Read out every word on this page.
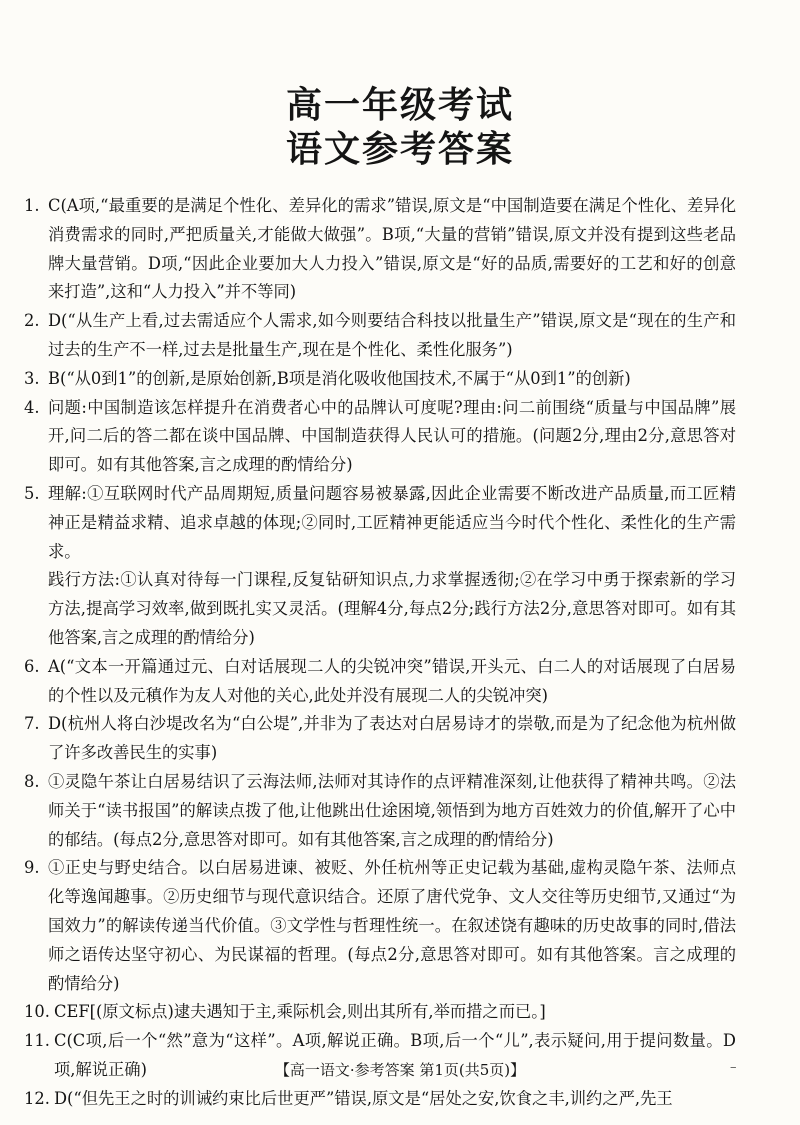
高一年级考试
语文参考答案
1. C(A项,“最重要的是满足个性化、差异化的需求”错误,原文是“中国制造要在满足个性化、差异化消费需求的同时,严把质量关,才能做大做强”。B项,“大量的营销”错误,原文并没有提到这些老品牌大量营销。D项,“因此企业要加大人力投入”错误,原文是“好的品质,需要好的工艺和好的创意来打造”,这和“人力投入”并不等同)
2. D(“从生产上看,过去需适应个人需求,如今则要结合科技以批量生产”错误,原文是“现在的生产和过去的生产不一样,过去是批量生产,现在是个性化、柔性化服务”)
3. B(“从0到1”的创新,是原始创新,B项是消化吸收他国技术,不属于“从0到1”的创新)
4. 问题:中国制造该怎样提升在消费者心中的品牌认可度呢?理由:问二前围绕“质量与中国品牌”展开,问二后的答二都在谈中国品牌、中国制造获得人民认可的措施。(问题2分,理由2分,意思答对即可。如有其他答案,言之成理的酌情给分)
5. 理解:①互联网时代产品周期短,质量问题容易被暴露,因此企业需要不断改进产品质量,而工匠精神正是精益求精、追求卓越的体现;②同时,工匠精神更能适应当今时代个性化、柔性化的生产需求。
践行方法:①认真对待每一门课程,反复钻研知识点,力求掌握透彻;②在学习中勇于探索新的学习方法,提高学习效率,做到既扎实又灵活。(理解4分,每点2分;践行方法2分,意思答对即可。如有其他答案,言之成理的酌情给分)
6. A(“文本一开篇通过元、白对话展现二人的尖锐冲突”错误,开头元、白二人的对话展现了白居易的个性以及元稹作为友人对他的关心,此处并没有展现二人的尖锐冲突)
7. D(杭州人将白沙堤改名为“白公堤”,并非为了表达对白居易诗才的崇敬,而是为了纪念他为杭州做了许多改善民生的实事)
8. ①灵隐午茶让白居易结识了云海法师,法师对其诗作的点评精准深刻,让他获得了精神共鸣。②法师关于“读书报国”的解读点拨了他,让他跳出仕途困境,领悟到为地方百姓效力的价值,解开了心中的郁结。(每点2分,意思答对即可。如有其他答案,言之成理的酌情给分)
9. ①正史与野史结合。以白居易进谏、被贬、外任杭州等正史记载为基础,虚构灵隐午茶、法师点化等逸闻趣事。②历史细节与现代意识结合。还原了唐代党争、文人交往等历史细节,又通过“为国效力”的解读传递当代价值。③文学性与哲理性统一。在叙述饶有趣味的历史故事的同时,借法师之语传达坚守初心、为民谋福的哲理。(每点2分,意思答对即可。如有其他答案。言之成理的酌情给分)
10. CEF[(原文标点)逮夫遇知于主,乘际机会,则出其所有,举而措之而已。]
11. C(C项,后一个“然”意为“这样”。A项,解说正确。B项,后一个“儿”,表示疑问,用于提问数量。D项,解说正确)
12. D(“但先王之时的训诫约束比后世更严”错误,原文是“居处之安,饮食之丰,训约之严,先王
【高一语文·参考答案 第1页(共5页)】	–
